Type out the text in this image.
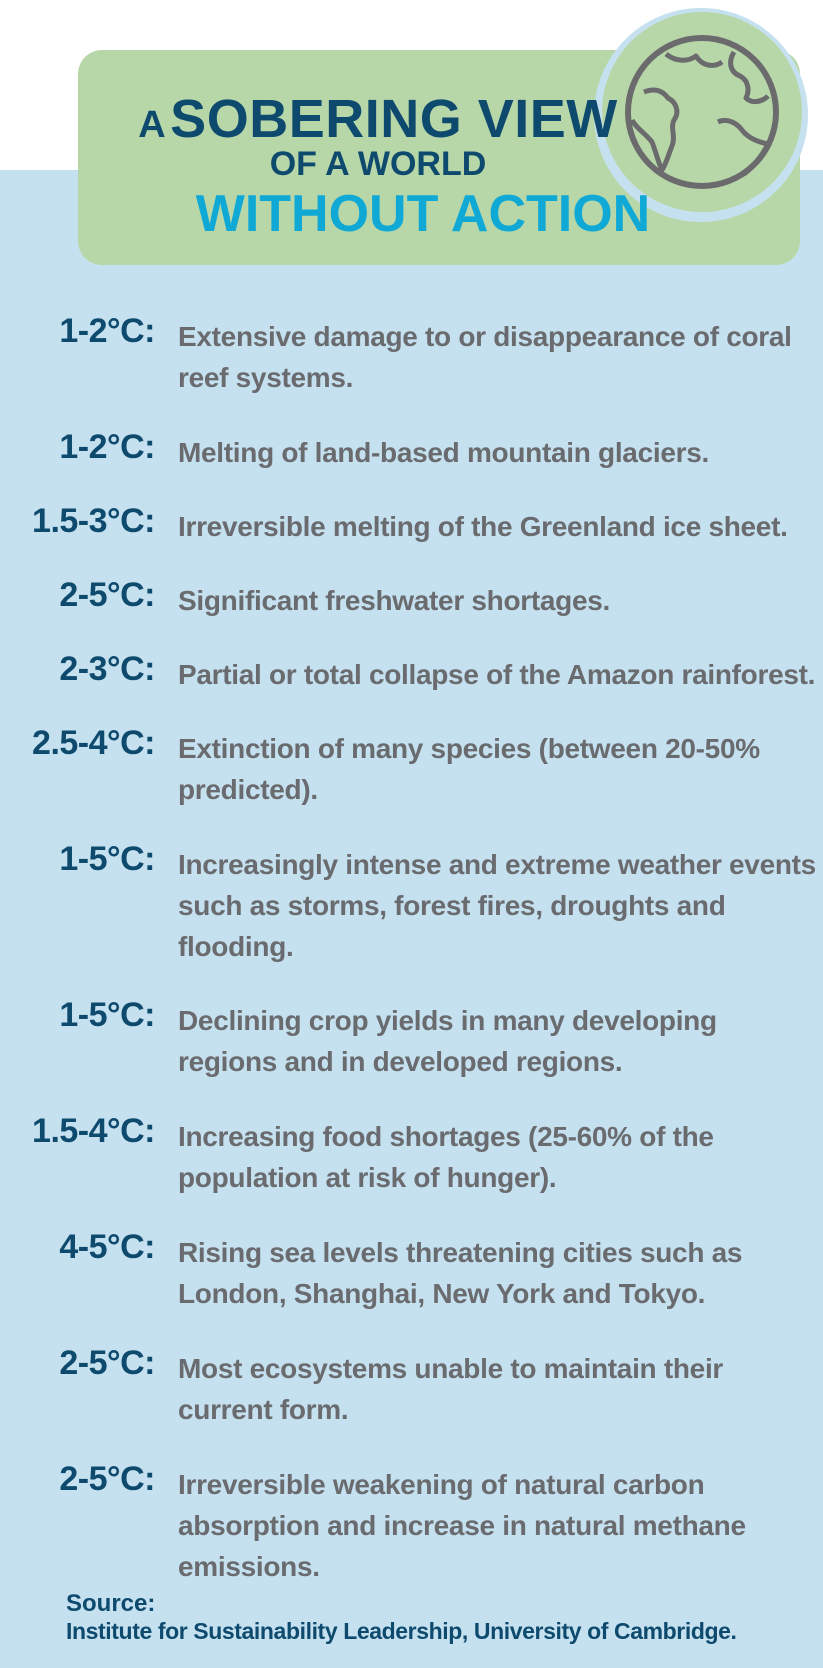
A SOBERING VIEW
OF A WORLD
WITHOUT ACTION
1-2°C: Extensive damage to or disappearance of coral reef systems.
1-2°C: Melting of land-based mountain glaciers.
1.5-3°C: Irreversible melting of the Greenland ice sheet.
2-5°C: Significant freshwater shortages.
2-3°C: Partial or total collapse of the Amazon rainforest.
2.5-4°C: Extinction of many species (between 20-50% predicted).
1-5°C: Increasingly intense and extreme weather events such as storms, forest fires, droughts and flooding.
1-5°C: Declining crop yields in many developing regions and in developed regions.
1.5-4°C: Increasing food shortages (25-60% of the population at risk of hunger).
4-5°C: Rising sea levels threatening cities such as London, Shanghai, New York and Tokyo.
2-5°C: Most ecosystems unable to maintain their current form.
2-5°C: Irreversible weakening of natural carbon absorption and increase in natural methane emissions.
Source:
Institute for Sustainability Leadership, University of Cambridge.
